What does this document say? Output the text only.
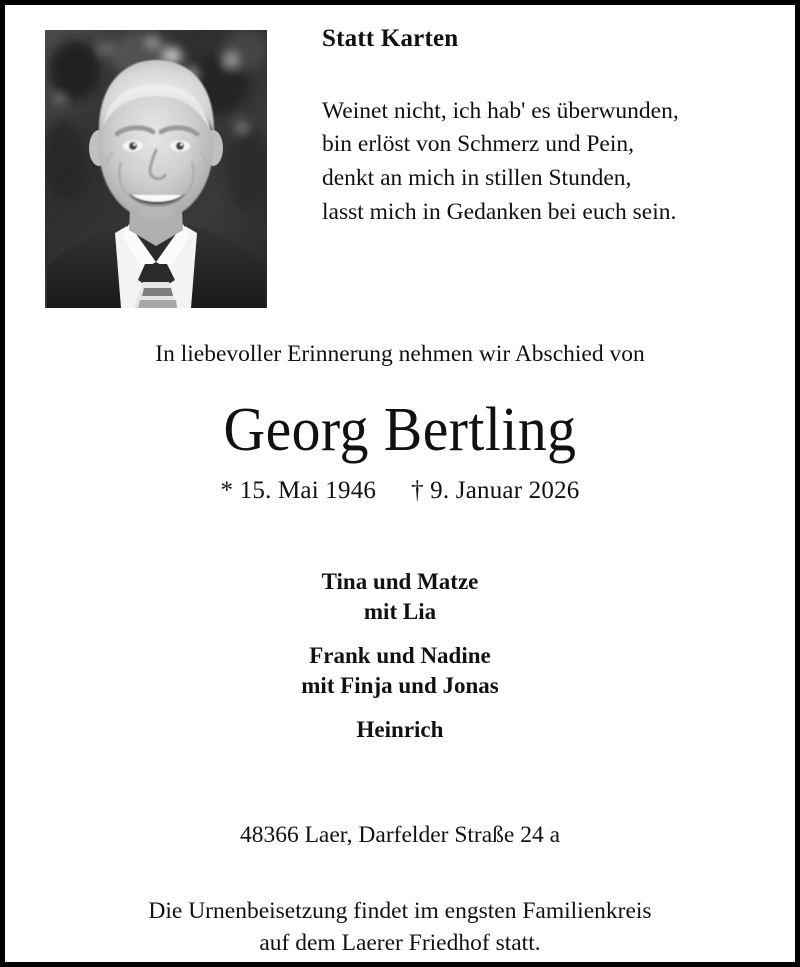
Statt Karten
Weinet nicht, ich hab' es überwunden,
bin erlöst von Schmerz und Pein,
denkt an mich in stillen Stunden,
lasst mich in Gedanken bei euch sein.
In liebevoller Erinnerung nehmen wir Abschied von
Georg Bertling
* 15. Mai 1946 † 9. Januar 2026
Tina und Matze
mit Lia
Frank und Nadine
mit Finja und Jonas
Heinrich
48366 Laer, Darfelder Straße 24 a
Die Urnenbeisetzung findet im engsten Familienkreis
auf dem Laerer Friedhof statt.
